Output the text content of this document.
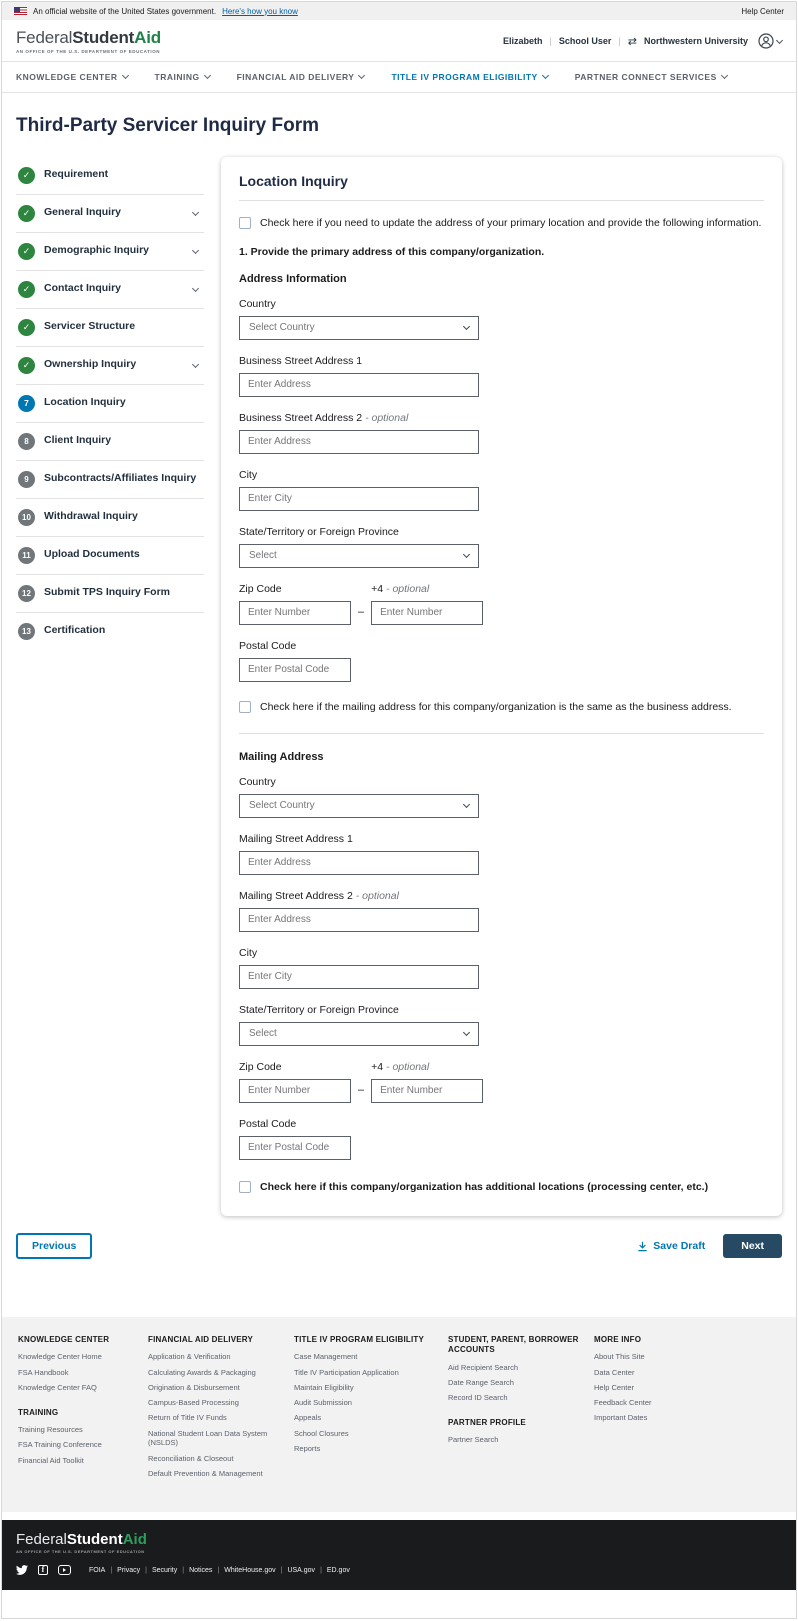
An official website of the United States government. Here's how you know	Help Center
FederalStudentAid
AN OFFICE OF THE U.S. DEPARTMENT OF EDUCATION
Elizabeth | School User | ⇄ Northwestern University
KNOWLEDGE CENTER	TRAINING	FINANCIAL AID DELIVERY	TITLE IV PROGRAM ELIGIBILITY	PARTNER CONNECT SERVICES
Third-Party Servicer Inquiry Form
✓ Requirement
✓ General Inquiry
✓ Demographic Inquiry
✓ Contact Inquiry
✓ Servicer Structure
✓ Ownership Inquiry
7 Location Inquiry
8 Client Inquiry
9 Subcontracts/Affiliates Inquiry
10 Withdrawal Inquiry
11 Upload Documents
12 Submit TPS Inquiry Form
13 Certification
Location Inquiry
Check here if you need to update the address of your primary location and provide the following information.
1. Provide the primary address of this company/organization.
Address Information
Country
Select Country
Business Street Address 1
Enter Address
Business Street Address 2 - optional
Enter Address
City
Enter City
State/Territory or Foreign Province
Select
Zip Code
Enter Number
–
+4 - optional
Enter Number
Postal Code
Enter Postal Code
Check here if the mailing address for this company/organization is the same as the business address.
Mailing Address
Country
Select Country
Mailing Street Address 1
Enter Address
Mailing Street Address 2 - optional
Enter Address
City
Enter City
State/Territory or Foreign Province
Select
Zip Code
Enter Number
–
+4 - optional
Enter Number
Postal Code
Enter Postal Code
Check here if this company/organization has additional locations (processing center, etc.)
Previous	Save Draft	Next
KNOWLEDGE CENTER
Knowledge Center Home
FSA Handbook
Knowledge Center FAQ
TRAINING
Training Resources
FSA Training Conference
Financial Aid Toolkit
FINANCIAL AID DELIVERY
Application & Verification
Calculating Awards & Packaging
Origination & Disbursement
Campus-Based Processing
Return of Title IV Funds
National Student Loan Data System (NSLDS)
Reconciliation & Closeout
Default Prevention & Management
TITLE IV PROGRAM ELIGIBILITY
Case Management
Title IV Participation Application
Maintain Eligibility
Audit Submission
Appeals
School Closures
Reports
STUDENT, PARENT, BORROWER ACCOUNTS
Aid Recipient Search
Date Range Search
Record ID Search
PARTNER PROFILE
Partner Search
MORE INFO
About This Site
Data Center
Help Center
Feedback Center
Important Dates
FederalStudentAid
AN OFFICE OF THE U.S. DEPARTMENT OF EDUCATION
f	FOIA | Privacy | Security | Notices | WhiteHouse.gov | USA.gov | ED.gov
